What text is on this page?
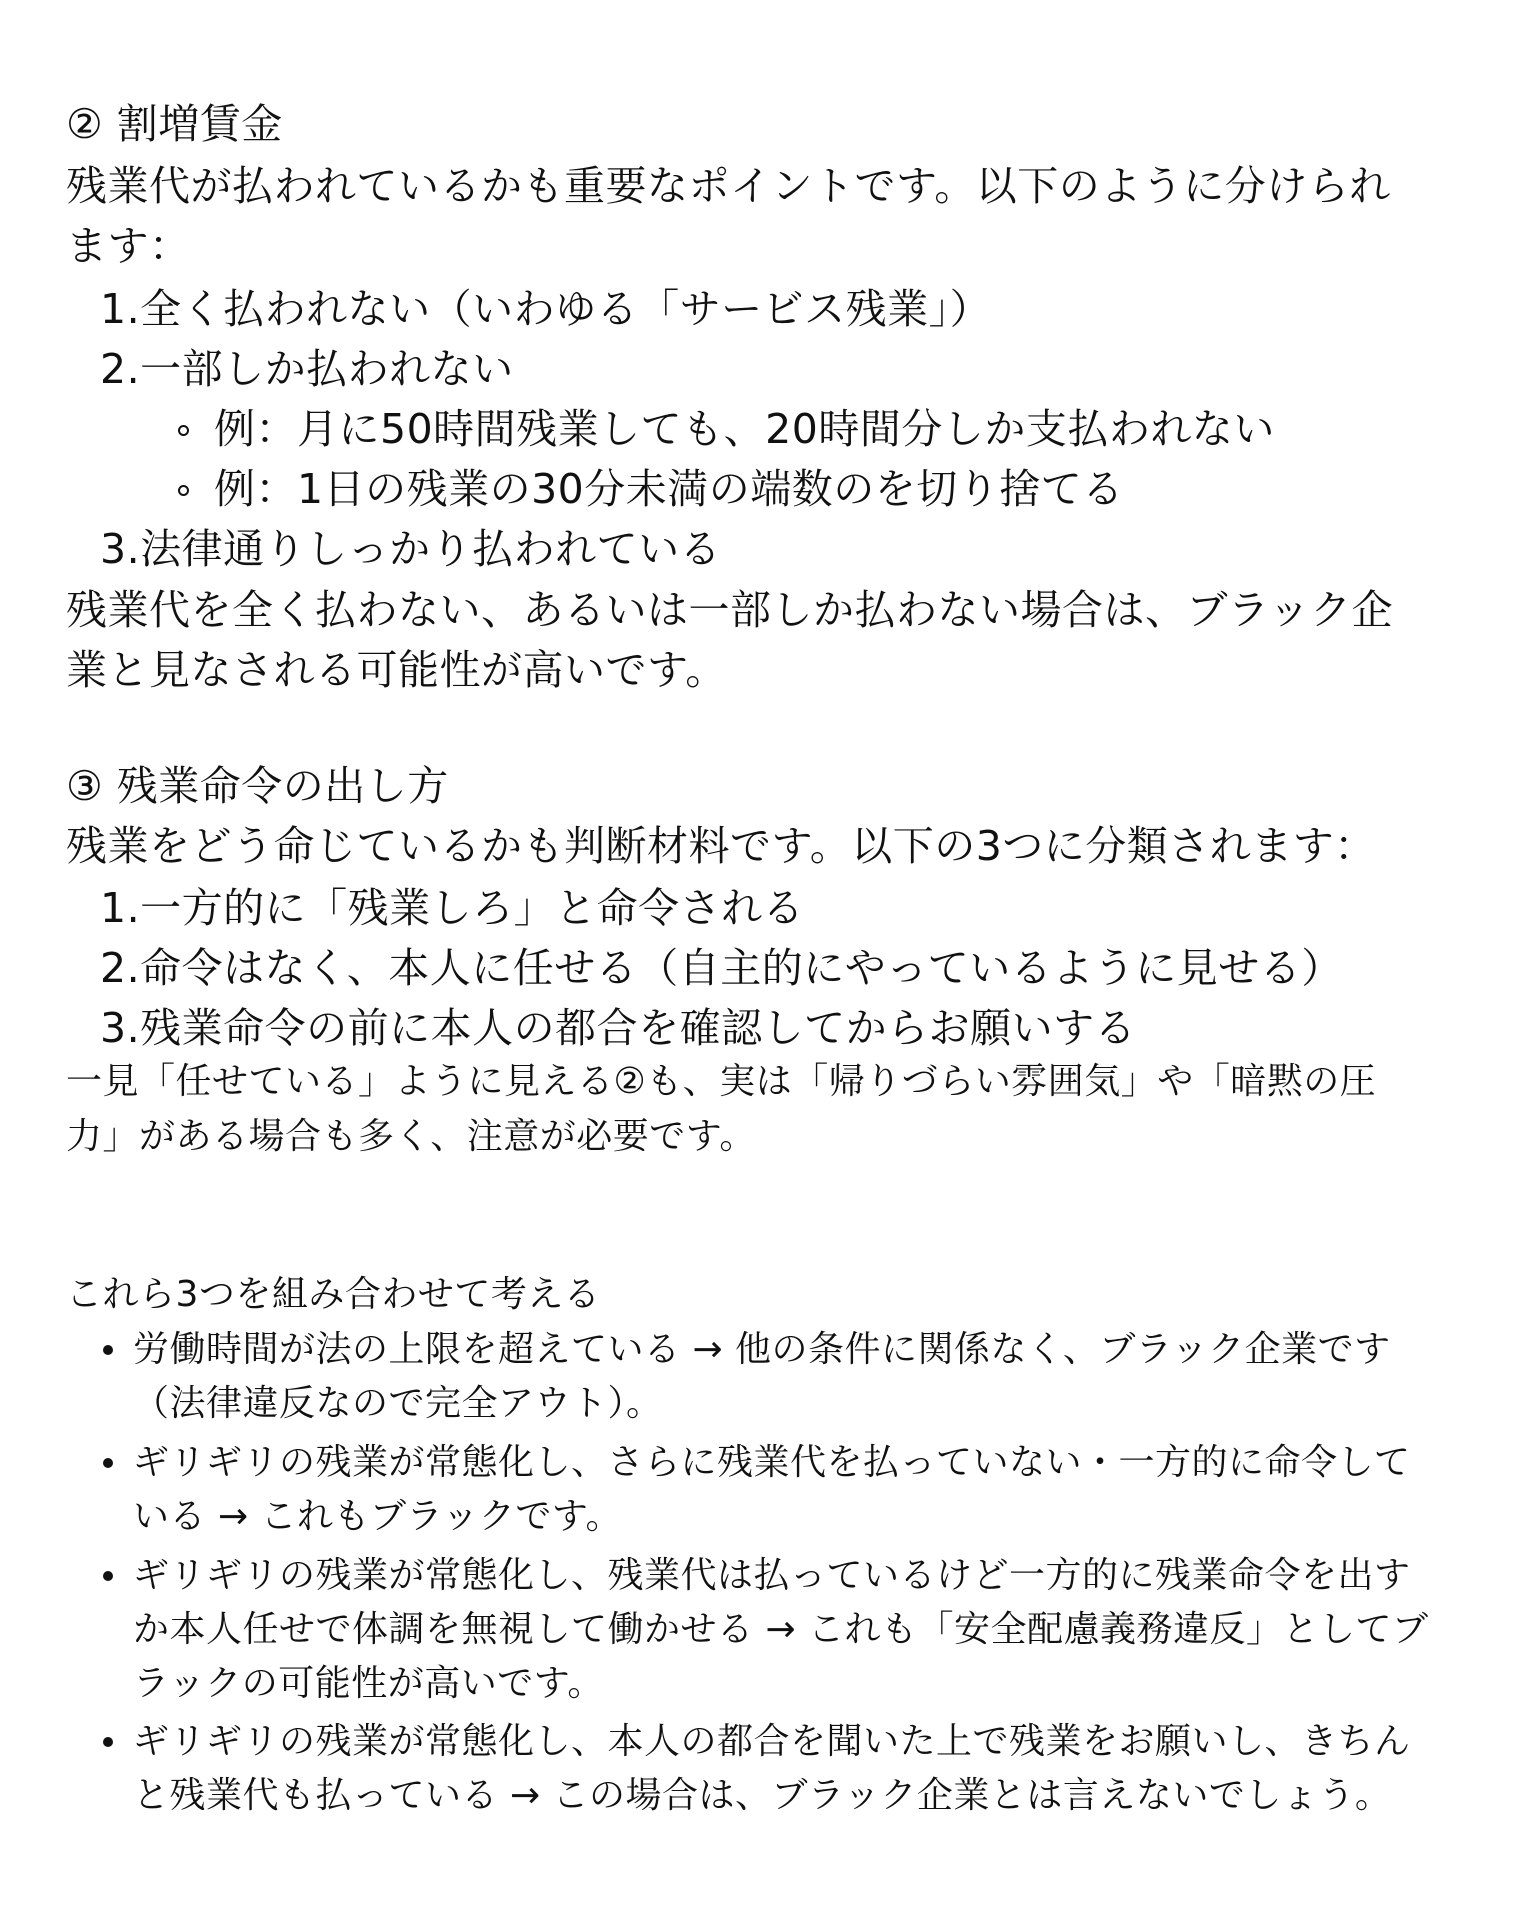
② 割増賃金
残業代が払われているかも重要なポイントです。以下のように分けられ
ます：
1.全く払われない（いわゆる「サービス残業」）
2.一部しか払われない
例：月に50時間残業しても、20時間分しか支払われない
例：1日の残業の30分未満の端数のを切り捨てる
3.法律通りしっかり払われている
残業代を全く払わない、あるいは一部しか払わない場合は、ブラック企
業と見なされる可能性が高いです。
③ 残業命令の出し方
残業をどう命じているかも判断材料です。以下の3つに分類されます：
1.一方的に「残業しろ」と命令される
2.命令はなく、本人に任せる（自主的にやっているように見せる）
3.残業命令の前に本人の都合を確認してからお願いする
一見「任せている」ように見える②も、実は「帰りづらい雰囲気」や「暗黙の圧
力」がある場合も多く、注意が必要です。
これら3つを組み合わせて考える
労働時間が法の上限を超えている → 他の条件に関係なく、ブラック企業です
（法律違反なので完全アウト）。
ギリギリの残業が常態化し、さらに残業代を払っていない・一方的に命令して
いる → これもブラックです。
ギリギリの残業が常態化し、残業代は払っているけど一方的に残業命令を出す
か本人任せで体調を無視して働かせる → これも「安全配慮義務違反」としてブ
ラックの可能性が高いです。
ギリギリの残業が常態化し、本人の都合を聞いた上で残業をお願いし、きちん
と残業代も払っている → この場合は、ブラック企業とは言えないでしょう。
